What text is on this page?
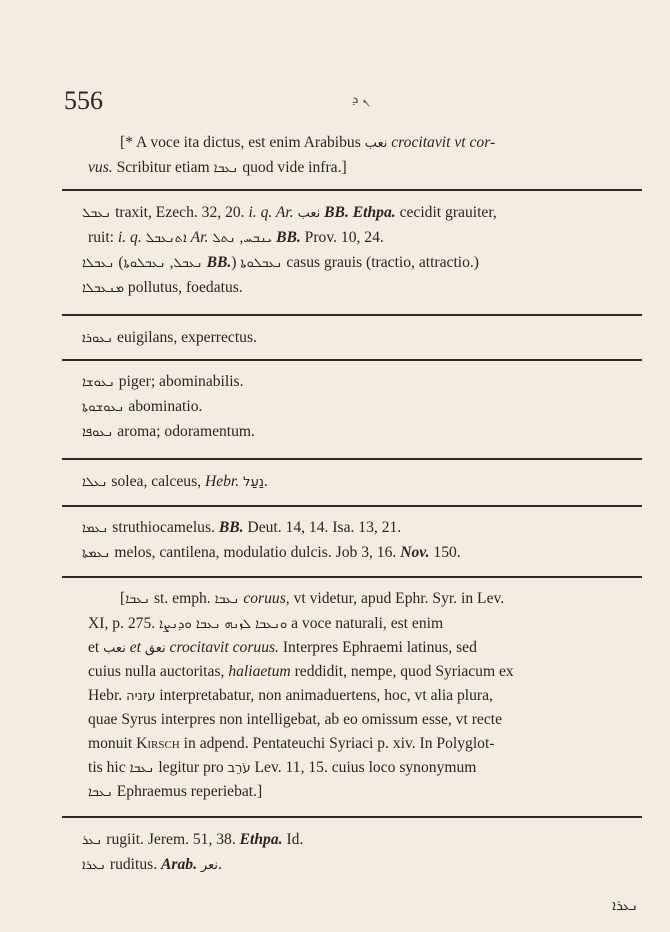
556	ܢ ܕ
[* A voce ita dictus, est enim Arabibus نعب crocitavit vt cor-
vus. Scribitur etiam ܢܥܒܐ quod vide infra.]
ܢܥܒܠ traxit, Ezech. 32, 20. i. q. Ar. نعب BB. Ethpa. cecidit grauiter,
ruit: i. q. ܐܬܢܥܒܠ Ar.	ܝܢܒܚ, ܢܬܠ	BB. Prov. 10, 24.
ܢܥܒܠܐ (	ܢܥܒܠ, ܢܥܒܠܘܬܐ	BB.) ܢܥܒܠܘܬܐ casus grauis (tractio, attractio.)
ܡܢܥܒܠܐ pollutus, foedatus.
ܢܥܘܪܐ euigilans, experrectus.
ܢܥܘܫܐ piger; abominabilis.
ܢܥܘܫܘܬܐ abominatio.
ܢܥܘܦܐ aroma; odoramentum.
ܢܥܠܐ solea, calceus, Hebr. נַעַל.
ܢܥܡܐ struthiocamelus. BB. Deut. 14, 14. Isa. 13, 21.
ܢܥܡܬܐ melos, cantilena, modulatio dulcis. Job 3, 16. Nov. 150.
[ܢܥܒܐ st. emph. ܢܥܒܐ coruus, vt videtur, apud Ephr. Syr. in Lev.
XI, p. 275.	ܘܢܥܒܐ ܠܙܢܗ ܢܥܒܐ ܘܕܢܨܐ	a voce naturali, est enim
et نعب et نعق crocitavit coruus. Interpres Ephraemi latinus, sed
cuius nulla auctoritas, haliaetum reddidit, nempe, quod Syriacum ex
Hebr. עזניה interpretabatur, non animaduertens, hoc, vt alia plura,
quae Syrus interpres non intelligebat, ab eo omissum esse, vt recte
monuit Kirsch in adpend. Pentateuchi Syriaci p. xiv. In Polyglot-
tis hic ܢܥܒܐ legitur pro עֹרֵב Lev. 11, 15. cuius loco synonymum
ܢܥܒܐ Ephraemus reperiebat.]
ܢܥܪ rugiit. Jerem. 51, 38. Ethpa. Id.
ܢܥܪܐ ruditus. Arab. نعر.
ܢܥܪܐ
